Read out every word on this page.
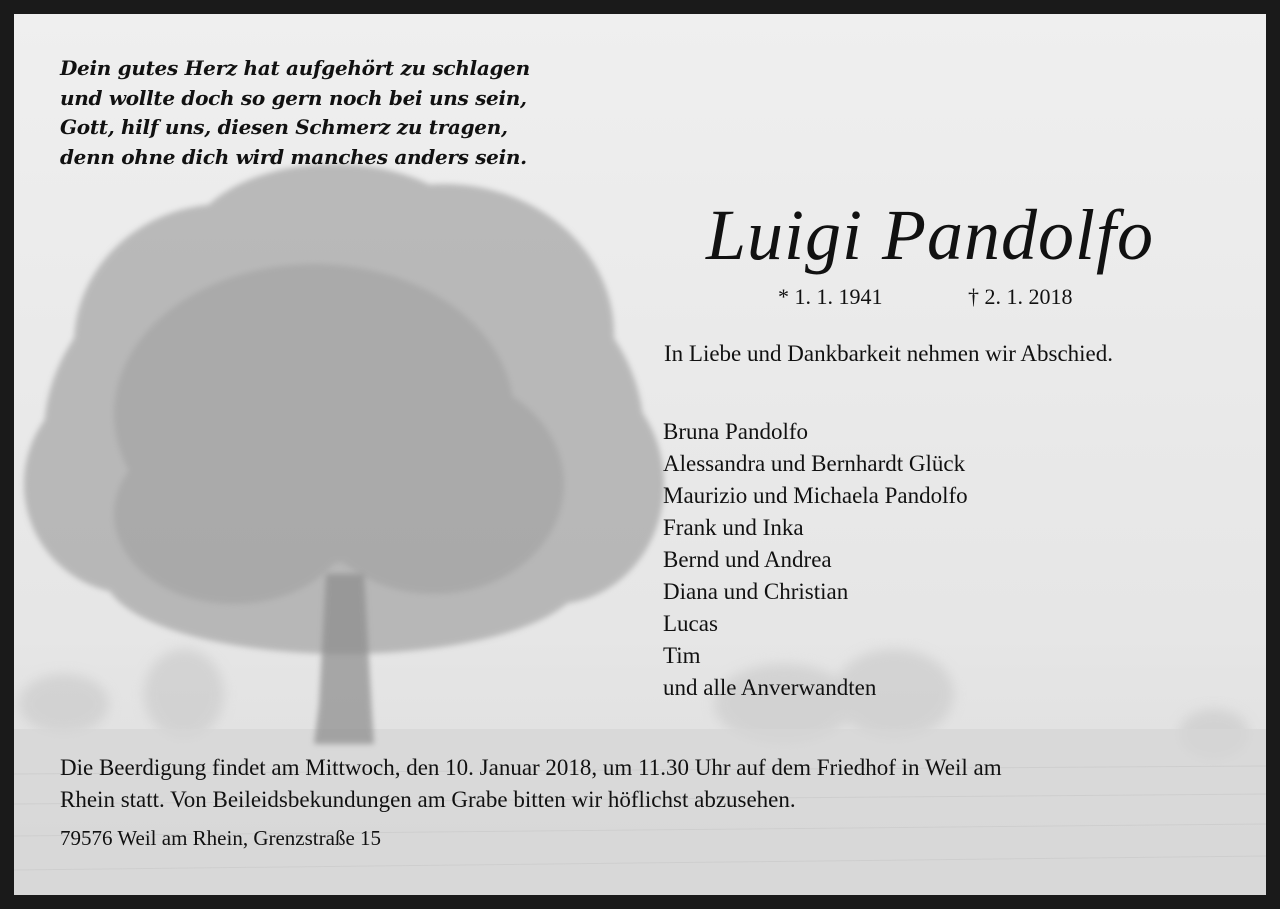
Dein gutes Herz hat aufgehört zu schlagen
und wollte doch so gern noch bei uns sein,
Gott, hilf uns, diesen Schmerz zu tragen,
denn ohne dich wird manches anders sein.
Luigi Pandolfo
* 1. 1. 1941	† 2. 1. 2018
In Liebe und Dankbarkeit nehmen wir Abschied.
Bruna Pandolfo
Alessandra und Bernhardt Glück
Maurizio und Michaela Pandolfo
Frank und Inka
Bernd und Andrea
Diana und Christian
Lucas
Tim
und alle Anverwandten
Die Beerdigung findet am Mittwoch, den 10. Januar 2018, um 11.30 Uhr auf dem Friedhof in Weil am
Rhein statt. Von Beileidsbekundungen am Grabe bitten wir höflichst abzusehen.
79576 Weil am Rhein, Grenzstraße 15
